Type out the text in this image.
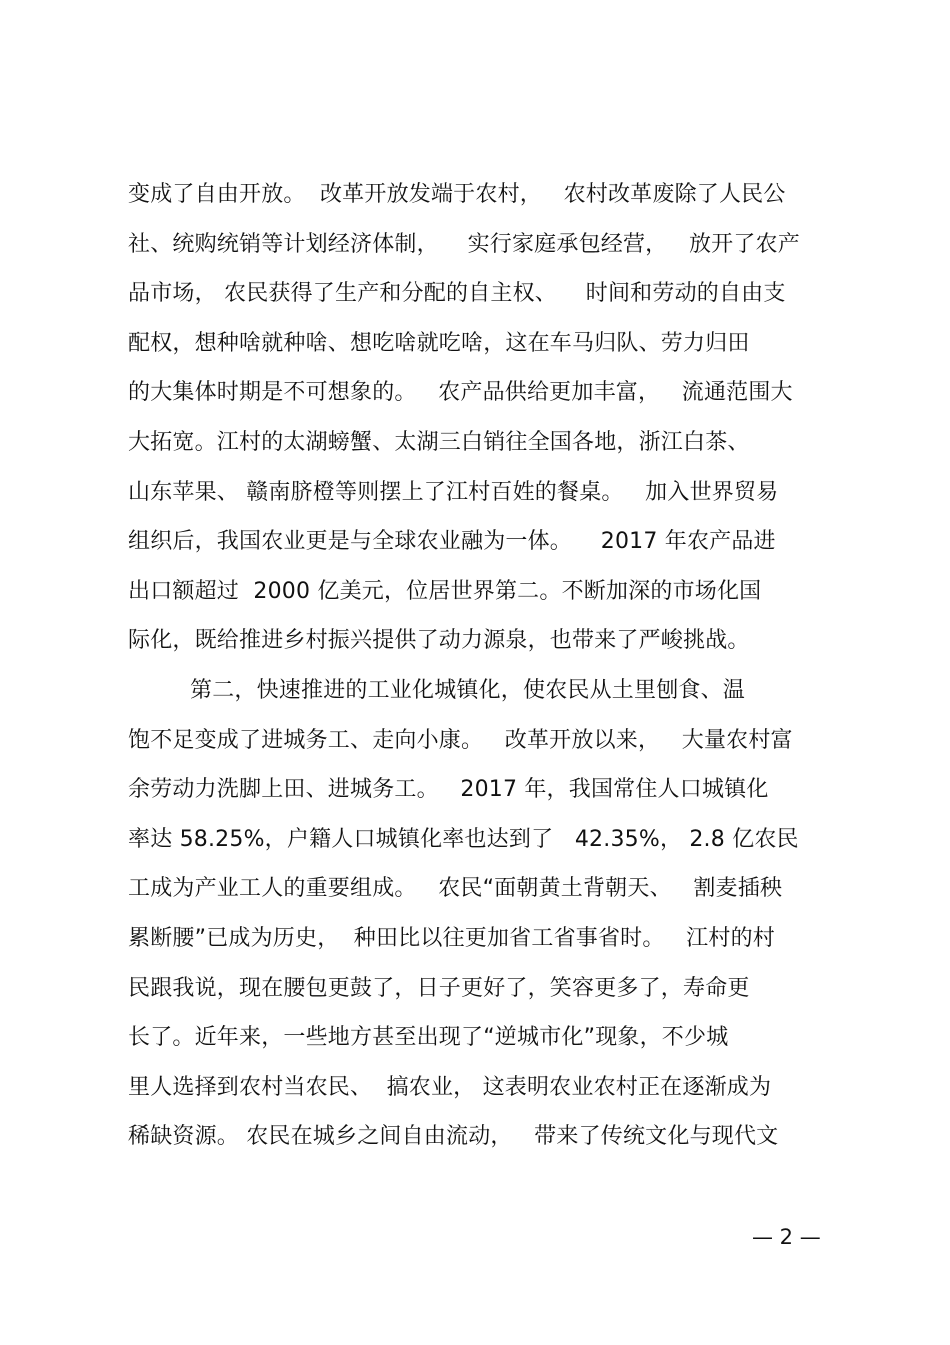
变成了自由开放。  改革开放发端于农村，   农村改革废除了人民公
社、统购统销等计划经济体制，    实行家庭承包经营，   放开了农产
品市场， 农民获得了生产和分配的自主权、    时间和劳动的自由支
配权，想种啥就种啥、想吃啥就吃啥，这在车马归队、劳力归田
的大集体时期是不可想象的。   农产品供给更加丰富，   流通范围大
大拓宽。江村的太湖螃蟹、太湖三白销往全国各地，浙江白茶、
山东苹果、 赣南脐橙等则摆上了江村百姓的餐桌。   加入世界贸易
组织后，我国农业更是与全球农业融为一体。    2017 年农产品进
出口额超过  2000 亿美元，位居世界第二。不断加深的市场化国
际化，既给推进乡村振兴提供了动力源泉，也带来了严峻挑战。
第二，快速推进的工业化城镇化，使农民从土里刨食、温
饱不足变成了进城务工、走向小康。   改革开放以来，   大量农村富
余劳动力洗脚上田、进城务工。   2017 年，我国常住人口城镇化
率达 58.25%，户籍人口城镇化率也达到了   42.35%， 2.8 亿农民
工成为产业工人的重要组成。   农民“面朝黄土背朝天、   割麦插秧
累断腰”已成为历史，  种田比以往更加省工省事省时。   江村的村
民跟我说，现在腰包更鼓了，日子更好了，笑容更多了，寿命更
长了。近年来，一些地方甚至出现了“逆城市化”现象，不少城
里人选择到农村当农民、  搞农业， 这表明农业农村正在逐渐成为
稀缺资源。 农民在城乡之间自由流动，   带来了传统文化与现代文
— 2 —
